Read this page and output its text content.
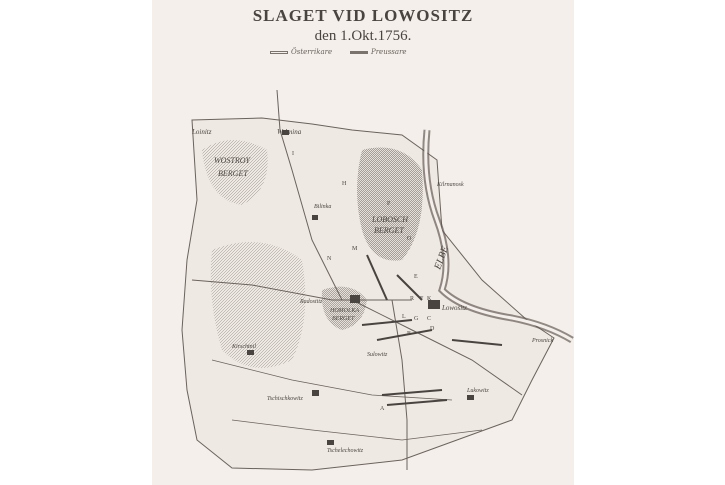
SLAGET VID LOWOSITZ
den 1.Okt.1756.
Österrikare	Preussare
WOSTROY
BERGET
LOBOSCH
BERGET
HOMOLKA
BERGET
Lowositz
Welmina
Loinitz
Bilinka
Radostitz
Kirschtnil
Sulowitz
Tschischkowitz
Tschelechowitz
Lukowitz
Prosnick
ELBE
Kilrnanosk
A
B
C
D
E
F
G
H
I
K
L
M
N
O
P
R
